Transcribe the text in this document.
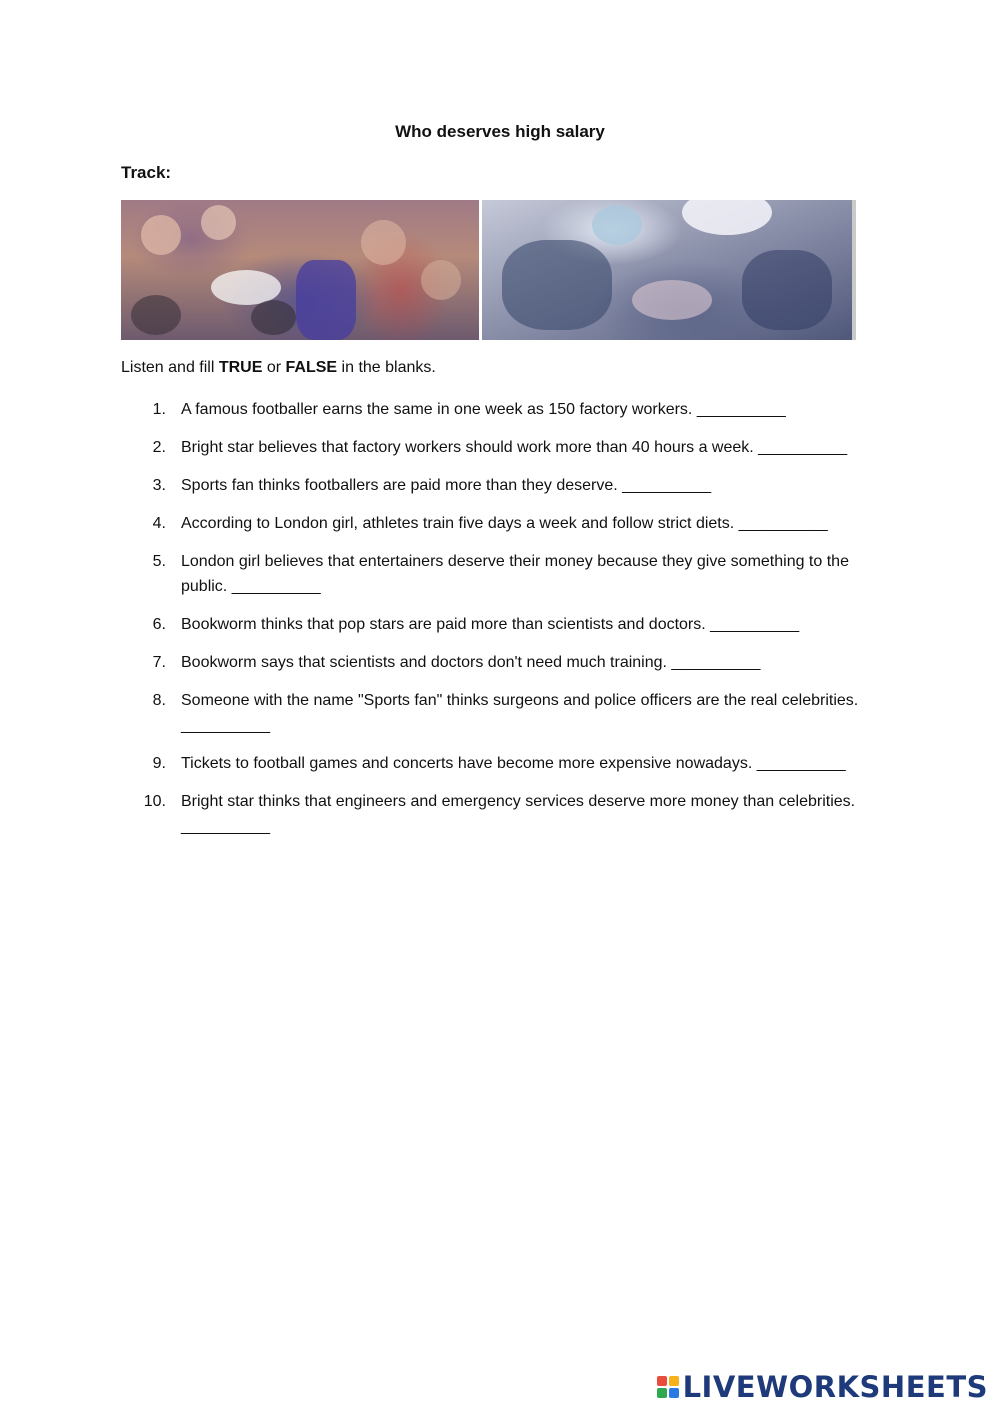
Who deserves high salary
Track:
Listen and fill TRUE or FALSE in the blanks.
1. A famous footballer earns the same in one week as 150 factory workers. __________
2. Bright star believes that factory workers should work more than 40 hours a week. __________
3. Sports fan thinks footballers are paid more than they deserve. __________
4. According to London girl, athletes train five days a week and follow strict diets. __________
5. London girl believes that entertainers deserve their money because they give something to the public. __________
6. Bookworm thinks that pop stars are paid more than scientists and doctors. __________
7. Bookworm says that scientists and doctors don't need much training. __________
8. Someone with the name "Sports fan" thinks surgeons and police officers are the real celebrities. __________
9. Tickets to football games and concerts have become more expensive nowadays. __________
10. Bright star thinks that engineers and emergency services deserve more money than celebrities. __________
LIVEWORKSHEETS
